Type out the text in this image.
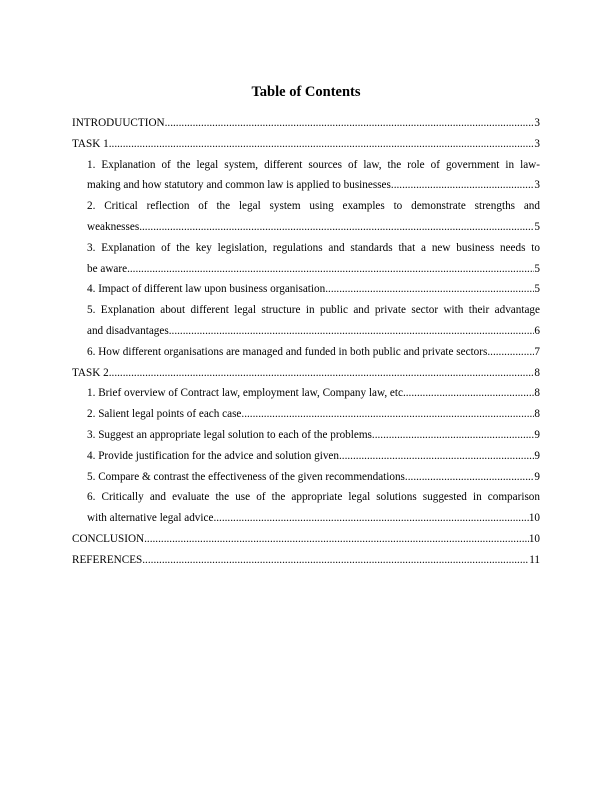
Table of Contents
INTRODUUCTION .....	3
TASK 1 .....	3
1. Explanation of the legal system, different sources of law, the role of government in law-
making and how statutory and common law is applied to businesses .....	3
2. Critical reflection of the legal system using examples to demonstrate strengths and
weaknesses .....	5
3. Explanation of the key legislation, regulations and standards that a new business needs to
be aware .....	5
4. Impact of different law upon business organisation .....	5
5. Explanation about different legal structure in public and private sector with their advantage
and disadvantages .....	6
6. How different organisations are managed and funded in both public and private sectors. .....	7
TASK 2 .....	8
1. Brief overview of Contract law, employment law, Company law, etc .....	8
2. Salient legal points of each case .....	8
3. Suggest an appropriate legal solution to each of the problems .....	9
4. Provide justification for the advice and solution given .....	9
5. Compare & contrast the effectiveness of the given recommendations .....	9
6. Critically and evaluate the use of the appropriate legal solutions suggested in comparison
with alternative legal advice .....	10
CONCLUSION .....	10
REFERENCES .....	11
